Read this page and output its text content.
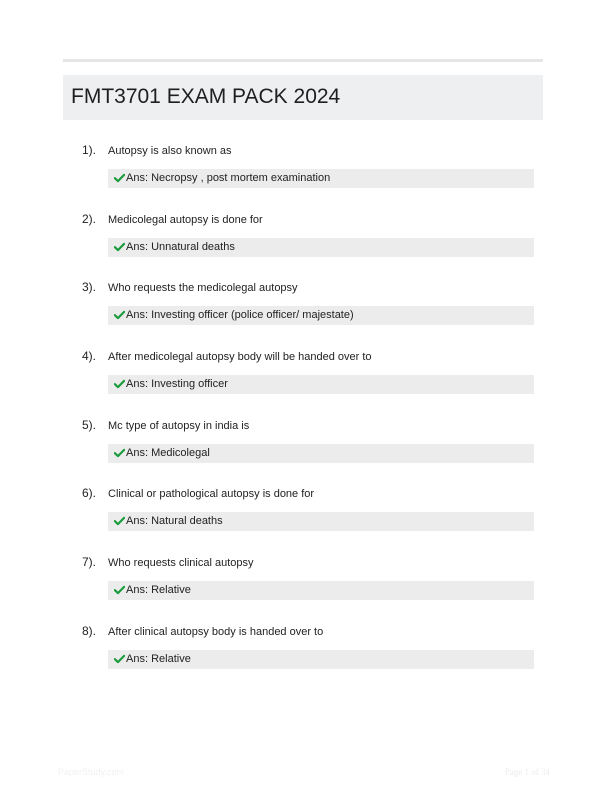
FMT3701 EXAM PACK 2024
1). Autopsy is also known as
Ans: Necropsy , post mortem examination
2). Medicolegal autopsy is done for
Ans: Unnatural deaths
3). Who requests the medicolegal autopsy
Ans: Investing officer (police officer/ majestate)
4). After medicolegal autopsy body will be handed over to
Ans: Investing officer
5). Mc type of autopsy in india is
Ans: Medicolegal
6). Clinical or pathological autopsy is done for
Ans: Natural deaths
7). Who requests clinical autopsy
Ans: Relative
8). After clinical autopsy body is handed over to
Ans: Relative
PaperStudy.com	Page 1 of 34
